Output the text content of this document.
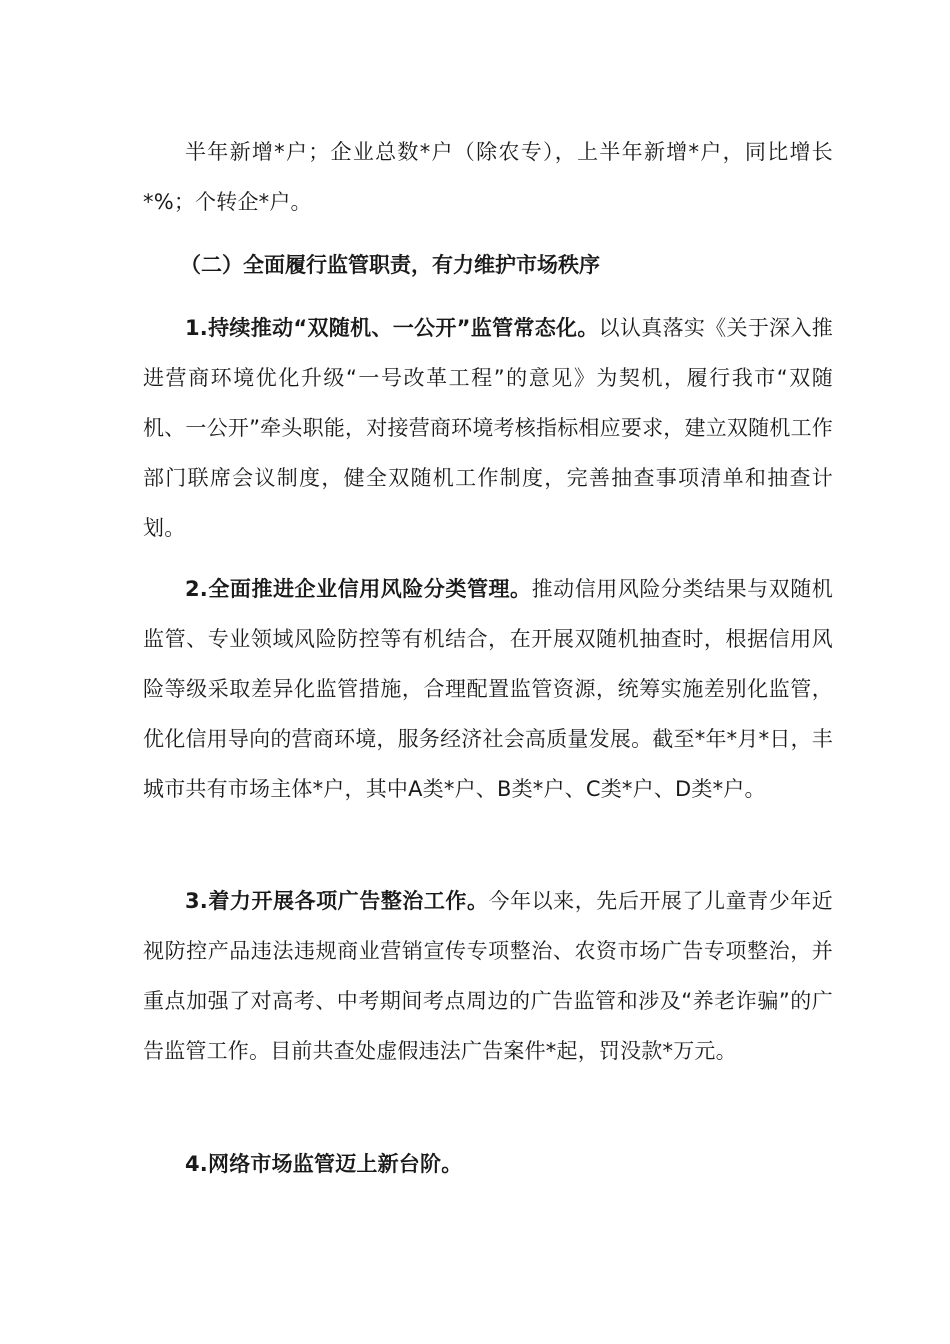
半年新增*户；企业总数*户（除农专），上半年新增*户，同比增长*%；个转企*户。

（二）全面履行监管职责，有力维护市场秩序

1.持续推动“双随机、一公开”监管常态化。以认真落实《关于深入推进营商环境优化升级“一号改革工程”的意见》为契机，履行我市“双随机、一公开”牵头职能，对接营商环境考核指标相应要求，建立双随机工作部门联席会议制度，健全双随机工作制度，完善抽查事项清单和抽查计划。

2.全面推进企业信用风险分类管理。推动信用风险分类结果与双随机监管、专业领域风险防控等有机结合，在开展双随机抽查时，根据信用风险等级采取差异化监管措施，合理配置监管资源，统筹实施差别化监管，优化信用导向的营商环境，服务经济社会高质量发展。截至*年*月*日，丰城市共有市场主体*户，其中A类*户、B类*户、C类*户、D类*户。

3.着力开展各项广告整治工作。今年以来，先后开展了儿童青少年近视防控产品违法违规商业营销宣传专项整治、农资市场广告专项整治，并重点加强了对高考、中考期间考点周边的广告监管和涉及“养老诈骗”的广告监管工作。目前共查处虚假违法广告案件*起，罚没款*万元。

4.网络市场监管迈上新台阶。
